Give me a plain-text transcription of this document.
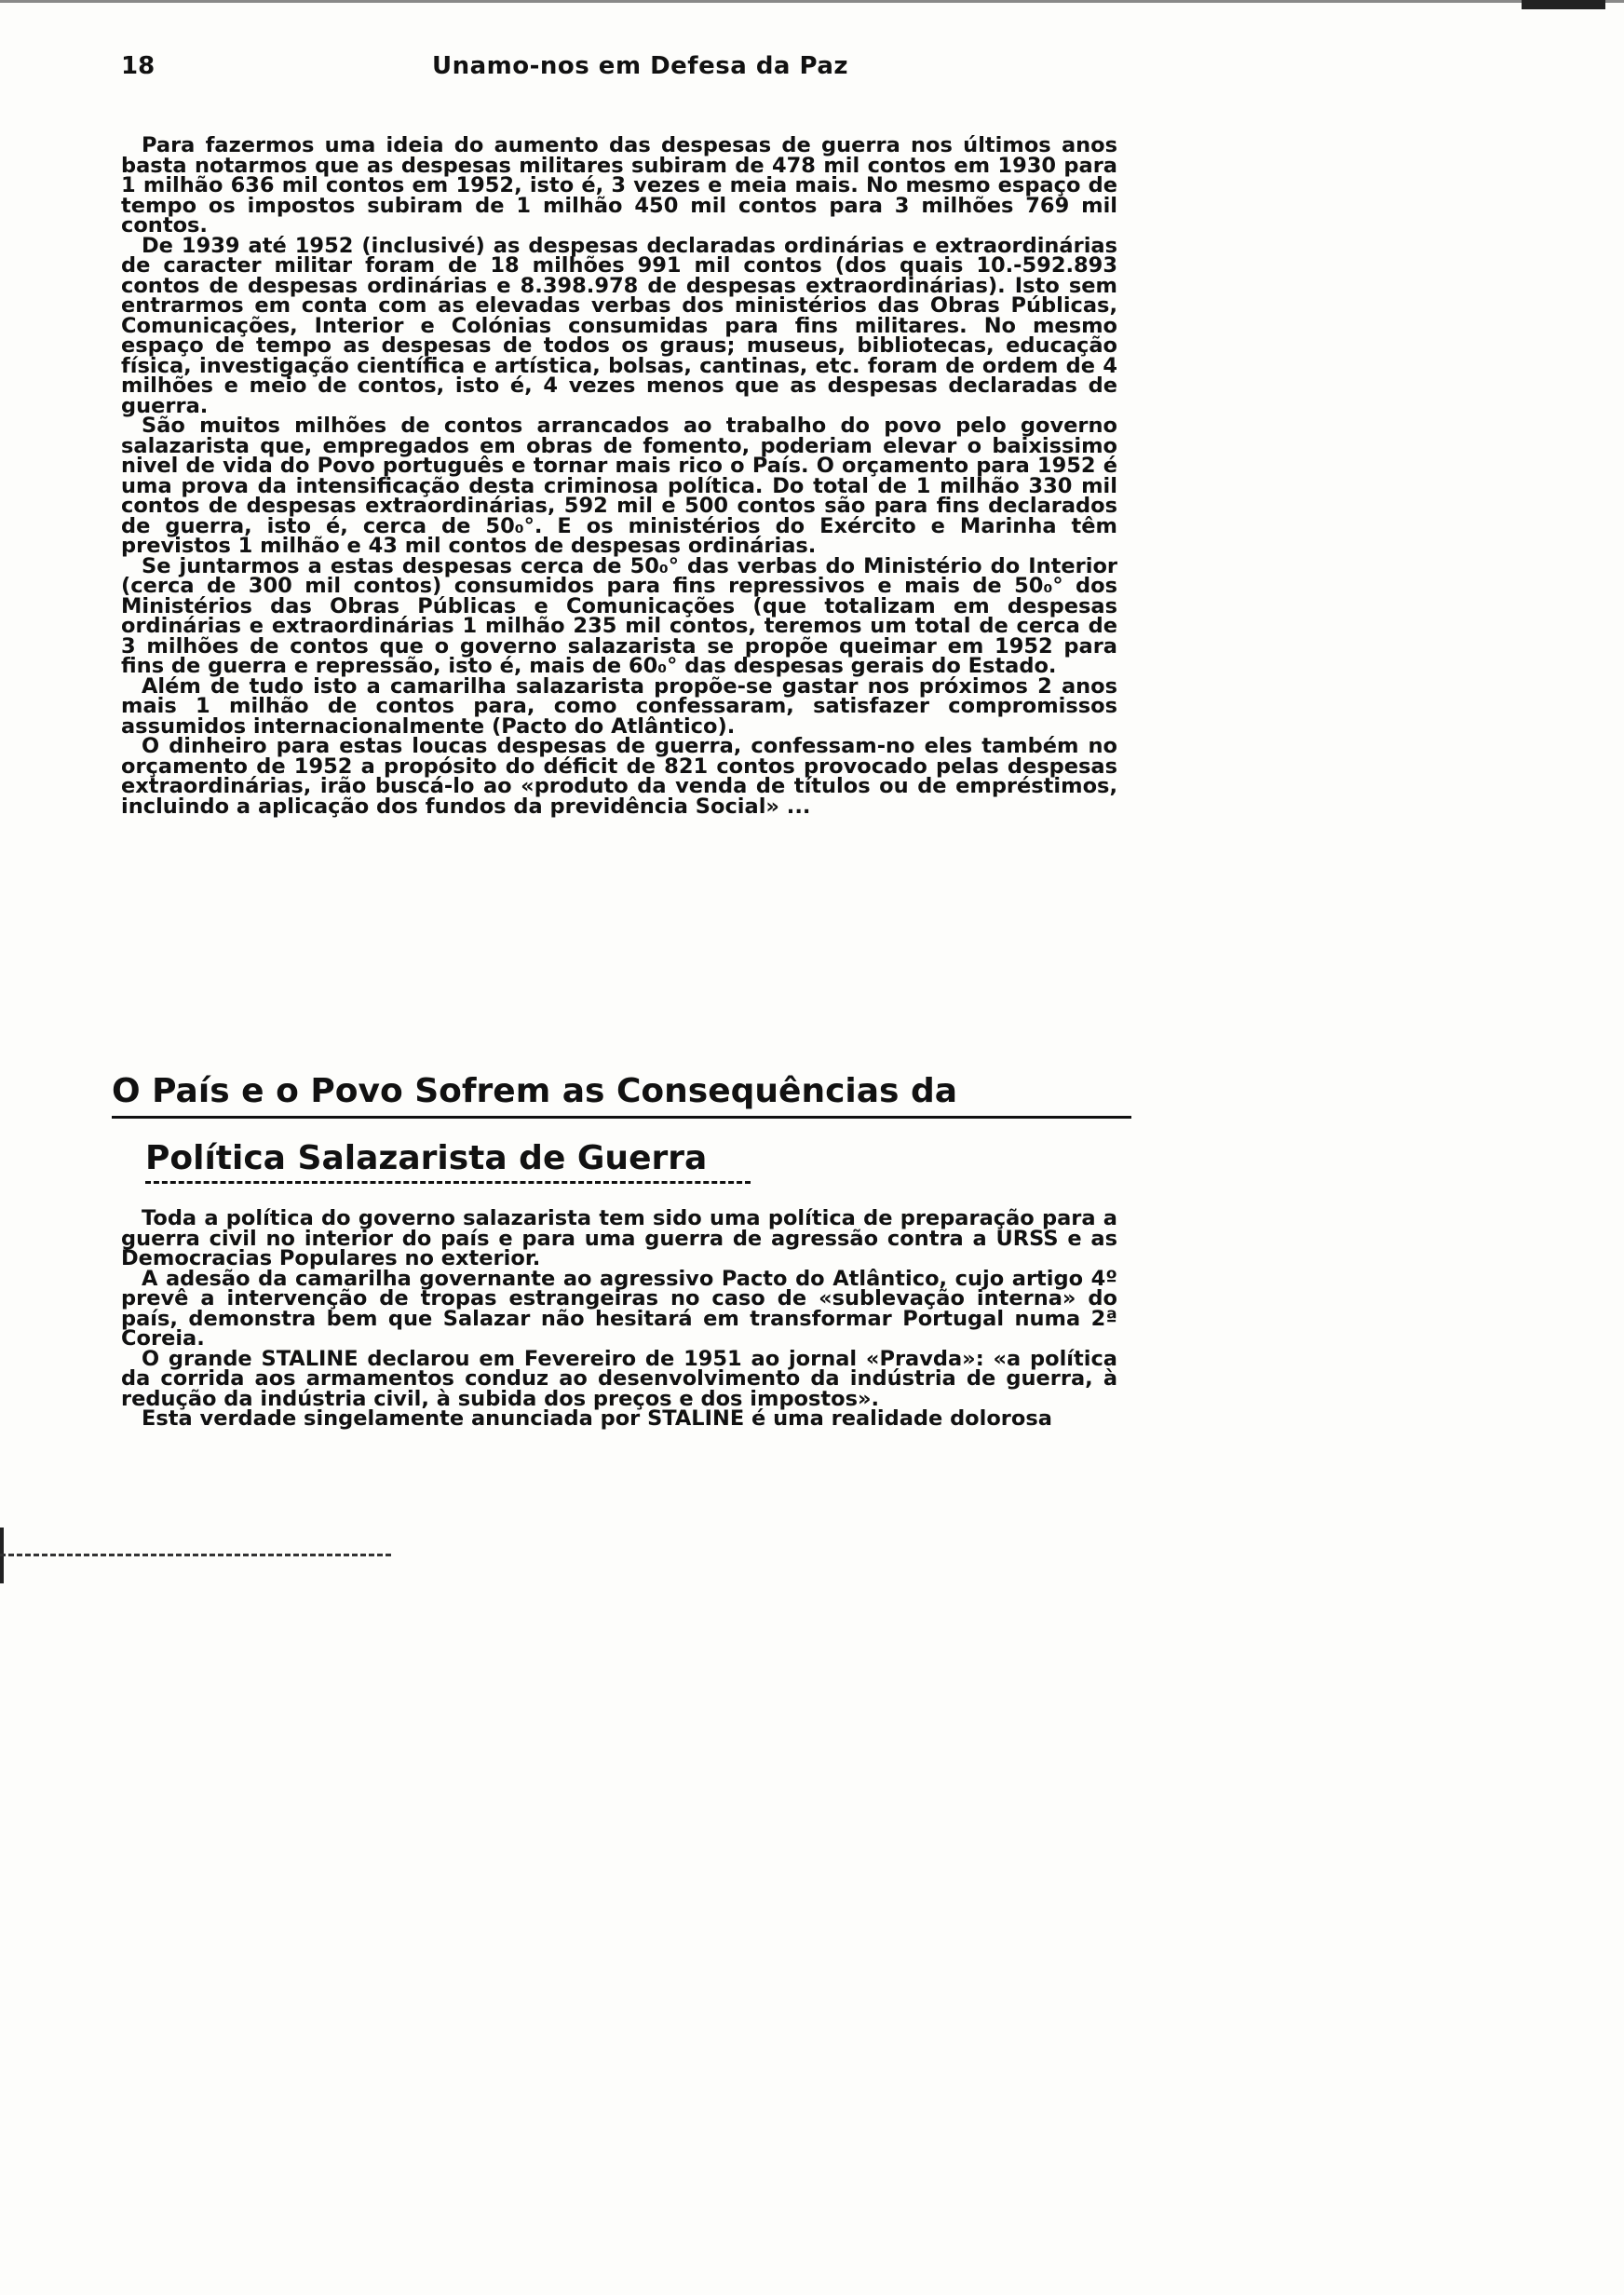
18	Unamo-nos em Defesa da Paz

Para fazermos uma ideia do aumento das despesas de guerra nos últimos anos basta notarmos que as despesas militares subiram de 478 mil contos em 1930 para 1 milhão 636 mil contos em 1952, isto é, 3 vezes e meia mais. No mesmo espaço de tempo os impostos subiram de 1 milhão 450 mil contos para 3 milhões 769 mil contos.

De 1939 até 1952 (inclusivé) as despesas declaradas ordinárias e extraordinárias de caracter militar foram de 18 milhões 991 mil contos (dos quais 10.-592.893 contos de despesas ordinárias e 8.398.978 de despesas extraordinárias). Isto sem entrarmos em conta com as elevadas verbas dos ministérios das Obras Públicas, Comunicações, Interior e Colónias consumidas para fins militares. No mesmo espaço de tempo as despesas de todos os graus; museus, bibliotecas, educação física, investigação científica e artística, bolsas, cantinas, etc. foram de ordem de 4 milhões e meio de contos, isto é, 4 vezes menos que as despesas declaradas de guerra.

São muitos milhões de contos arrancados ao trabalho do povo pelo governo salazarista que, empregados em obras de fomento, poderiam elevar o baixissimo nivel de vida do Povo português e tornar mais rico o País. O orçamento para 1952 é uma prova da intensificação desta criminosa política. Do total de 1 milhão 330 mil contos de despesas extraordinárias, 592 mil e 500 contos são para fins declarados de guerra, isto é, cerca de 50₀°. E os ministérios do Exército e Marinha têm previstos 1 milhão e 43 mil contos de despesas ordinárias.

Se juntarmos a estas despesas cerca de 50₀° das verbas do Ministério do Interior (cerca de 300 mil contos) consumidos para fins repressivos e mais de 50₀° dos Ministérios das Obras Públicas e Comunicações (que totalizam em despesas ordinárias e extraordinárias 1 milhão 235 mil contos, teremos um total de cerca de 3 milhões de contos que o governo salazarista se propõe queimar em 1952 para fins de guerra e repressão, isto é, mais de 60₀° das despesas gerais do Estado.

Além de tudo isto a camarilha salazarista propõe-se gastar nos próximos 2 anos mais 1 milhão de contos para, como confessaram, satisfazer compromissos assumidos internacionalmente (Pacto do Atlântico).

O dinheiro para estas loucas despesas de guerra, confessam-no eles também no orçamento de 1952 a propósito do déficit de 821 contos provocado pelas despesas extraordinárias, irão buscá-lo ao «produto da venda de títulos ou de empréstimos, incluindo a aplicação dos fundos da previdência Social» ...

O País e o Povo Sofrem as Consequências da
Política Salazarista de Guerra

Toda a política do governo salazarista tem sido uma política de preparação para a guerra civil no interior do país e para uma guerra de agressão contra a URSS e as Democracias Populares no exterior.

A adesão da camarilha governante ao agressivo Pacto do Atlântico, cujo artigo 4º prevê a intervenção de tropas estrangeiras no caso de «sublevação interna» do país, demonstra bem que Salazar não hesitará em transformar Portugal numa 2ª Coreia.

O grande STALINE declarou em Fevereiro de 1951 ao jornal «Pravda»: «a política da corrida aos armamentos conduz ao desenvolvimento da indústria de guerra, à redução da indústria civil, à subida dos preços e dos impostos».

Esta verdade singelamente anunciada por STALINE é uma realidade dolorosa
